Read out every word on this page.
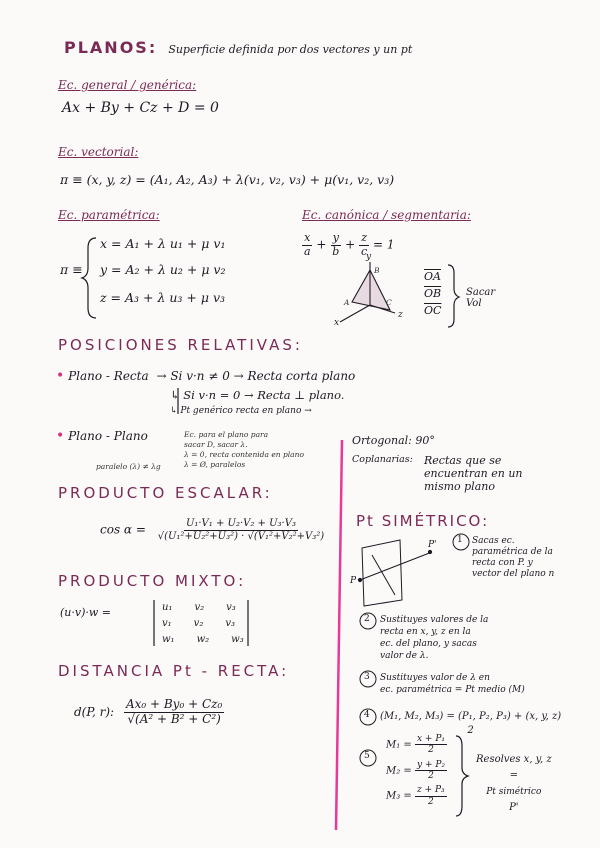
PLANOS: Superficie definida por dos vectores y un pt
Ec. general / genérica:
Ax + By + Cz + D = 0
Ec. vectorial:
π ≡ (x, y, z) = (A₁, A₂, A₃) + λ(v₁, v₂, v₃) + μ(v₁, v₂, v₃)
Ec. paramétrica:
π ≡
x = A₁ + λ u₁ + μ v₁
y = A₂ + λ u₂ + μ v₂
z = A₃ + λ u₃ + μ v₃
Ec. canónica / segmentaria:
$\frac{x}{a} + \frac{y}{b} + \frac{z}{c} = 1$
y
x
z
A
B
C
OA
OB
OC
Sacar Vol
POSICIONES RELATIVAS:
• Plano - Recta → Si v·n ≠ 0 → Recta corta plano
↳ Si v·n = 0 → Recta ⊥ plano.
↳ Pt genérico recta en plano →
• Plano - Plano	Ec. para el plano para
sacar D, sacar λ.
λ = 0, recta contenida en plano
λ = Ø, paralelos
paralelo (λ) ≠ λg
Ortogonal: 90°
Coplanarias: Rectas que se
encuentran en un
mismo plano
PRODUCTO ESCALAR:
$\cos \alpha = \frac{\text{U₁·V₁ + U₂·V₂ + U₃·V₃}}{\text{√(U₁²+U₂²+U₃²) · √(V₁²+V₂²+V₃²)}}$
PRODUCTO MIXTO:
(u·v)·w =	u₁ v₂ v₃
v₁ v₂ v₃
w₁ w₂ w₃
DISTANCIA Pt - RECTA:
d(P, r): $\frac{\text{Ax₀ + By₀ + Cz₀}}{\text{√(A² + B² + C²)}}$
Pt SIMÉTRICO:
P
P' 1 Sacas ec.
paramétrica de la
recta con P. y
vector del plano n
2 Sustituyes valores de la
recta en x, y, z en la
ec. del plano, y sacas
valor de λ.
3 Sustituyes valor de λ en
ec. paramétrica = Pt medio (M)
4 (M₁, M₂, M₃) = (P₁, P₂, P₃) + (x, y, z)
2
5
$M_1 = \frac{\text{x + P₁}}{2}$
$M_2 = \frac{\text{y + P₂}}{2}$
$M_3 = \frac{\text{z + P₃}}{2}$
Resolves x, y, z
=
Pt simétrico
P'
